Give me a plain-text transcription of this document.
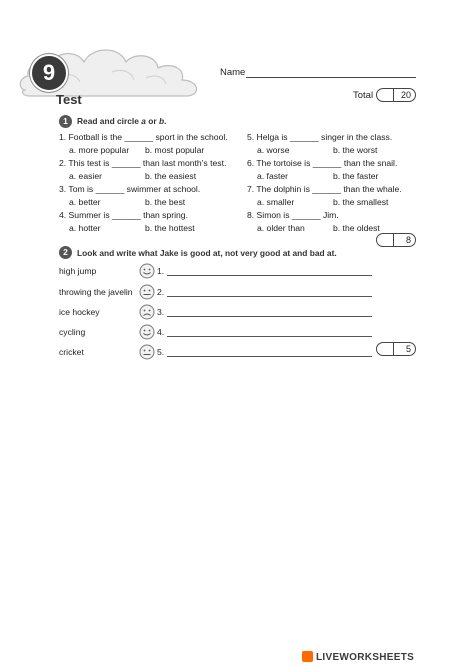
9
Test
Name
Total	20
1	Read and circle a or b.
1. Football is the ______ sport in the school.
a. more popular b. most popular
2. This test is ______ than last month’s test.
a. easier	b. the easiest
3. Tom is ______ swimmer at school.
a. better	b. the best
4. Summer is ______ than spring.
a. hotter	b. the hottest
5. Helga is ______ singer in the class.
a. worse	b. the worst
6. The tortoise is ______ than the snail.
a. faster	b. the faster
7. The dolphin is ______ than the whale.
a. smaller	b. the smallest
8. Simon is ______ Jim.
a. older than	b. the oldest
8
2	Look and write what Jake is good at, not very good at and bad at.
high jump	1.
throwing the javelin	2.
ice hockey	3.
cycling	4.
cricket	5.	5
LIVEWORKSHEETS
